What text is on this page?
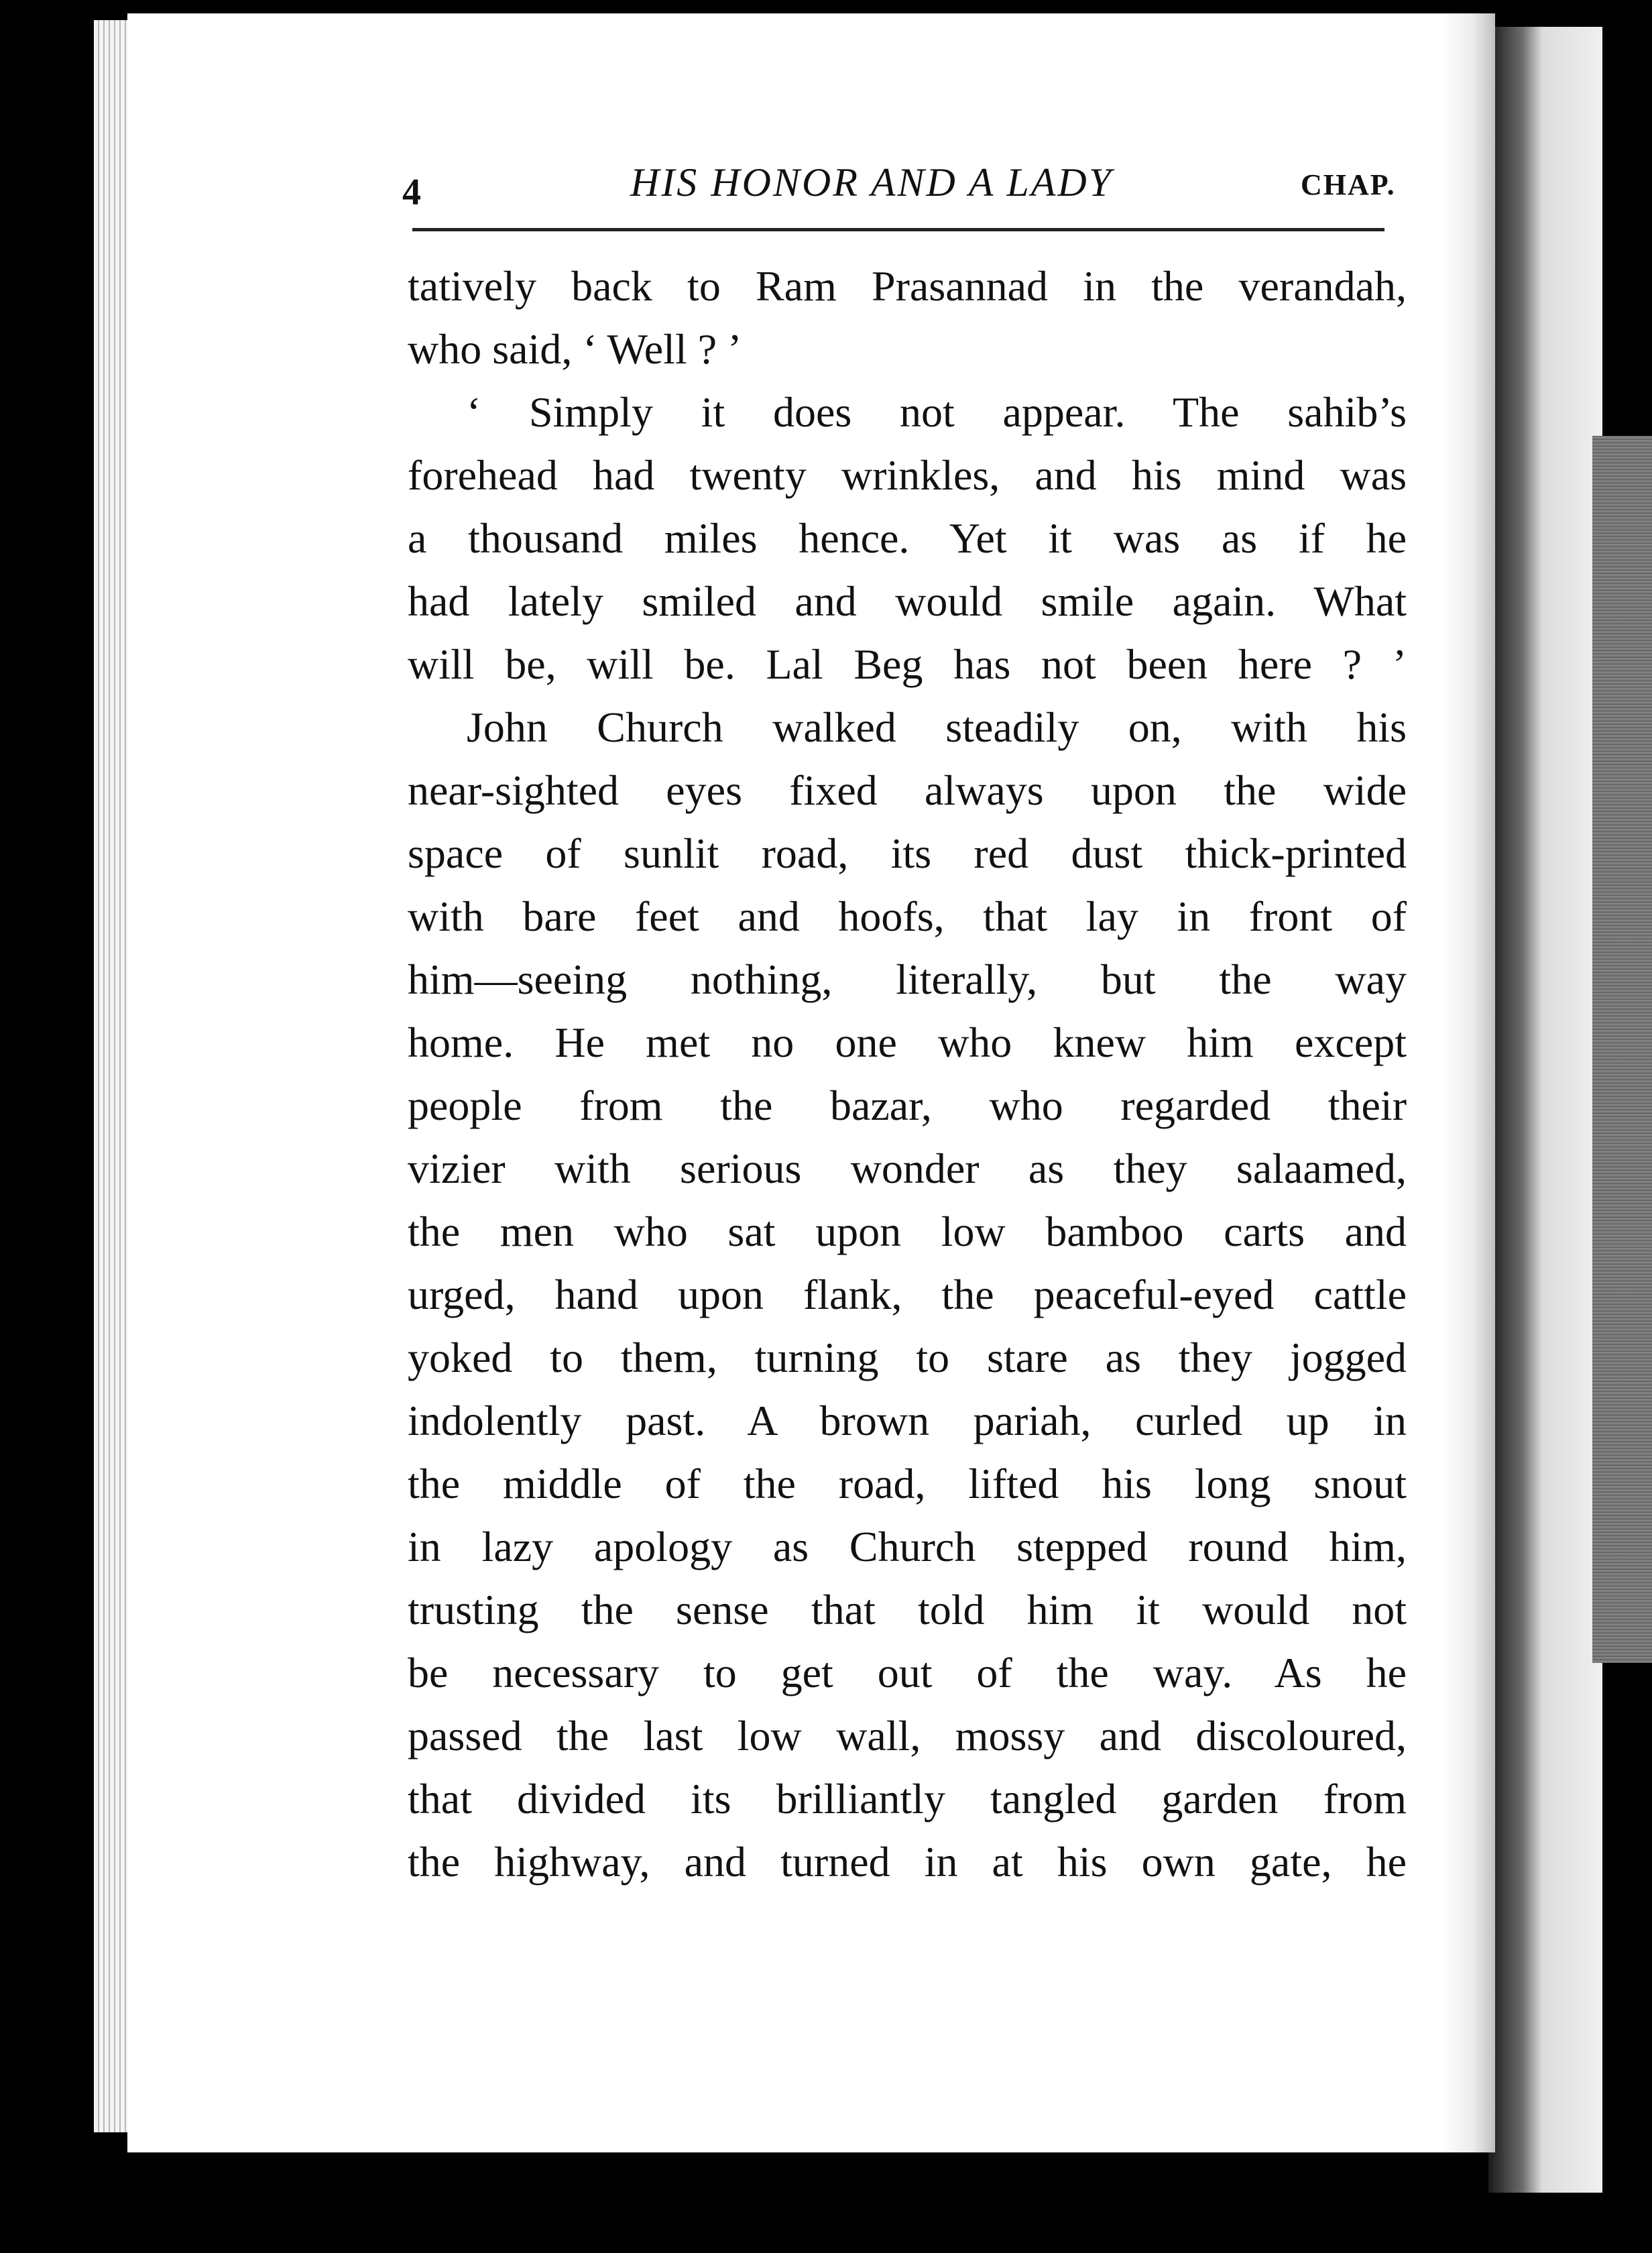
4	HIS HONOR AND A LADY	CHAP.
tatively back to Ram Prasannad in the verandah,
who said, ‘ Well ? ’
‘ Simply it does not appear. The sahib’s
forehead had twenty wrinkles, and his mind was
a thousand miles hence. Yet it was as if he
had lately smiled and would smile again. What
will be, will be. Lal Beg has not been here ? ’
John Church walked steadily on, with his
near-sighted eyes fixed always upon the wide
space of sunlit road, its red dust thick-printed
with bare feet and hoofs, that lay in front of
him—seeing nothing, literally, but the way
home. He met no one who knew him except
people from the bazar, who regarded their
vizier with serious wonder as they salaamed,
the men who sat upon low bamboo carts and
urged, hand upon flank, the peaceful-eyed cattle
yoked to them, turning to stare as they jogged
indolently past. A brown pariah, curled up in
the middle of the road, lifted his long snout
in lazy apology as Church stepped round him,
trusting the sense that told him it would not
be necessary to get out of the way. As he
passed the last low wall, mossy and discoloured,
that divided its brilliantly tangled garden from
the highway, and turned in at his own gate, he
